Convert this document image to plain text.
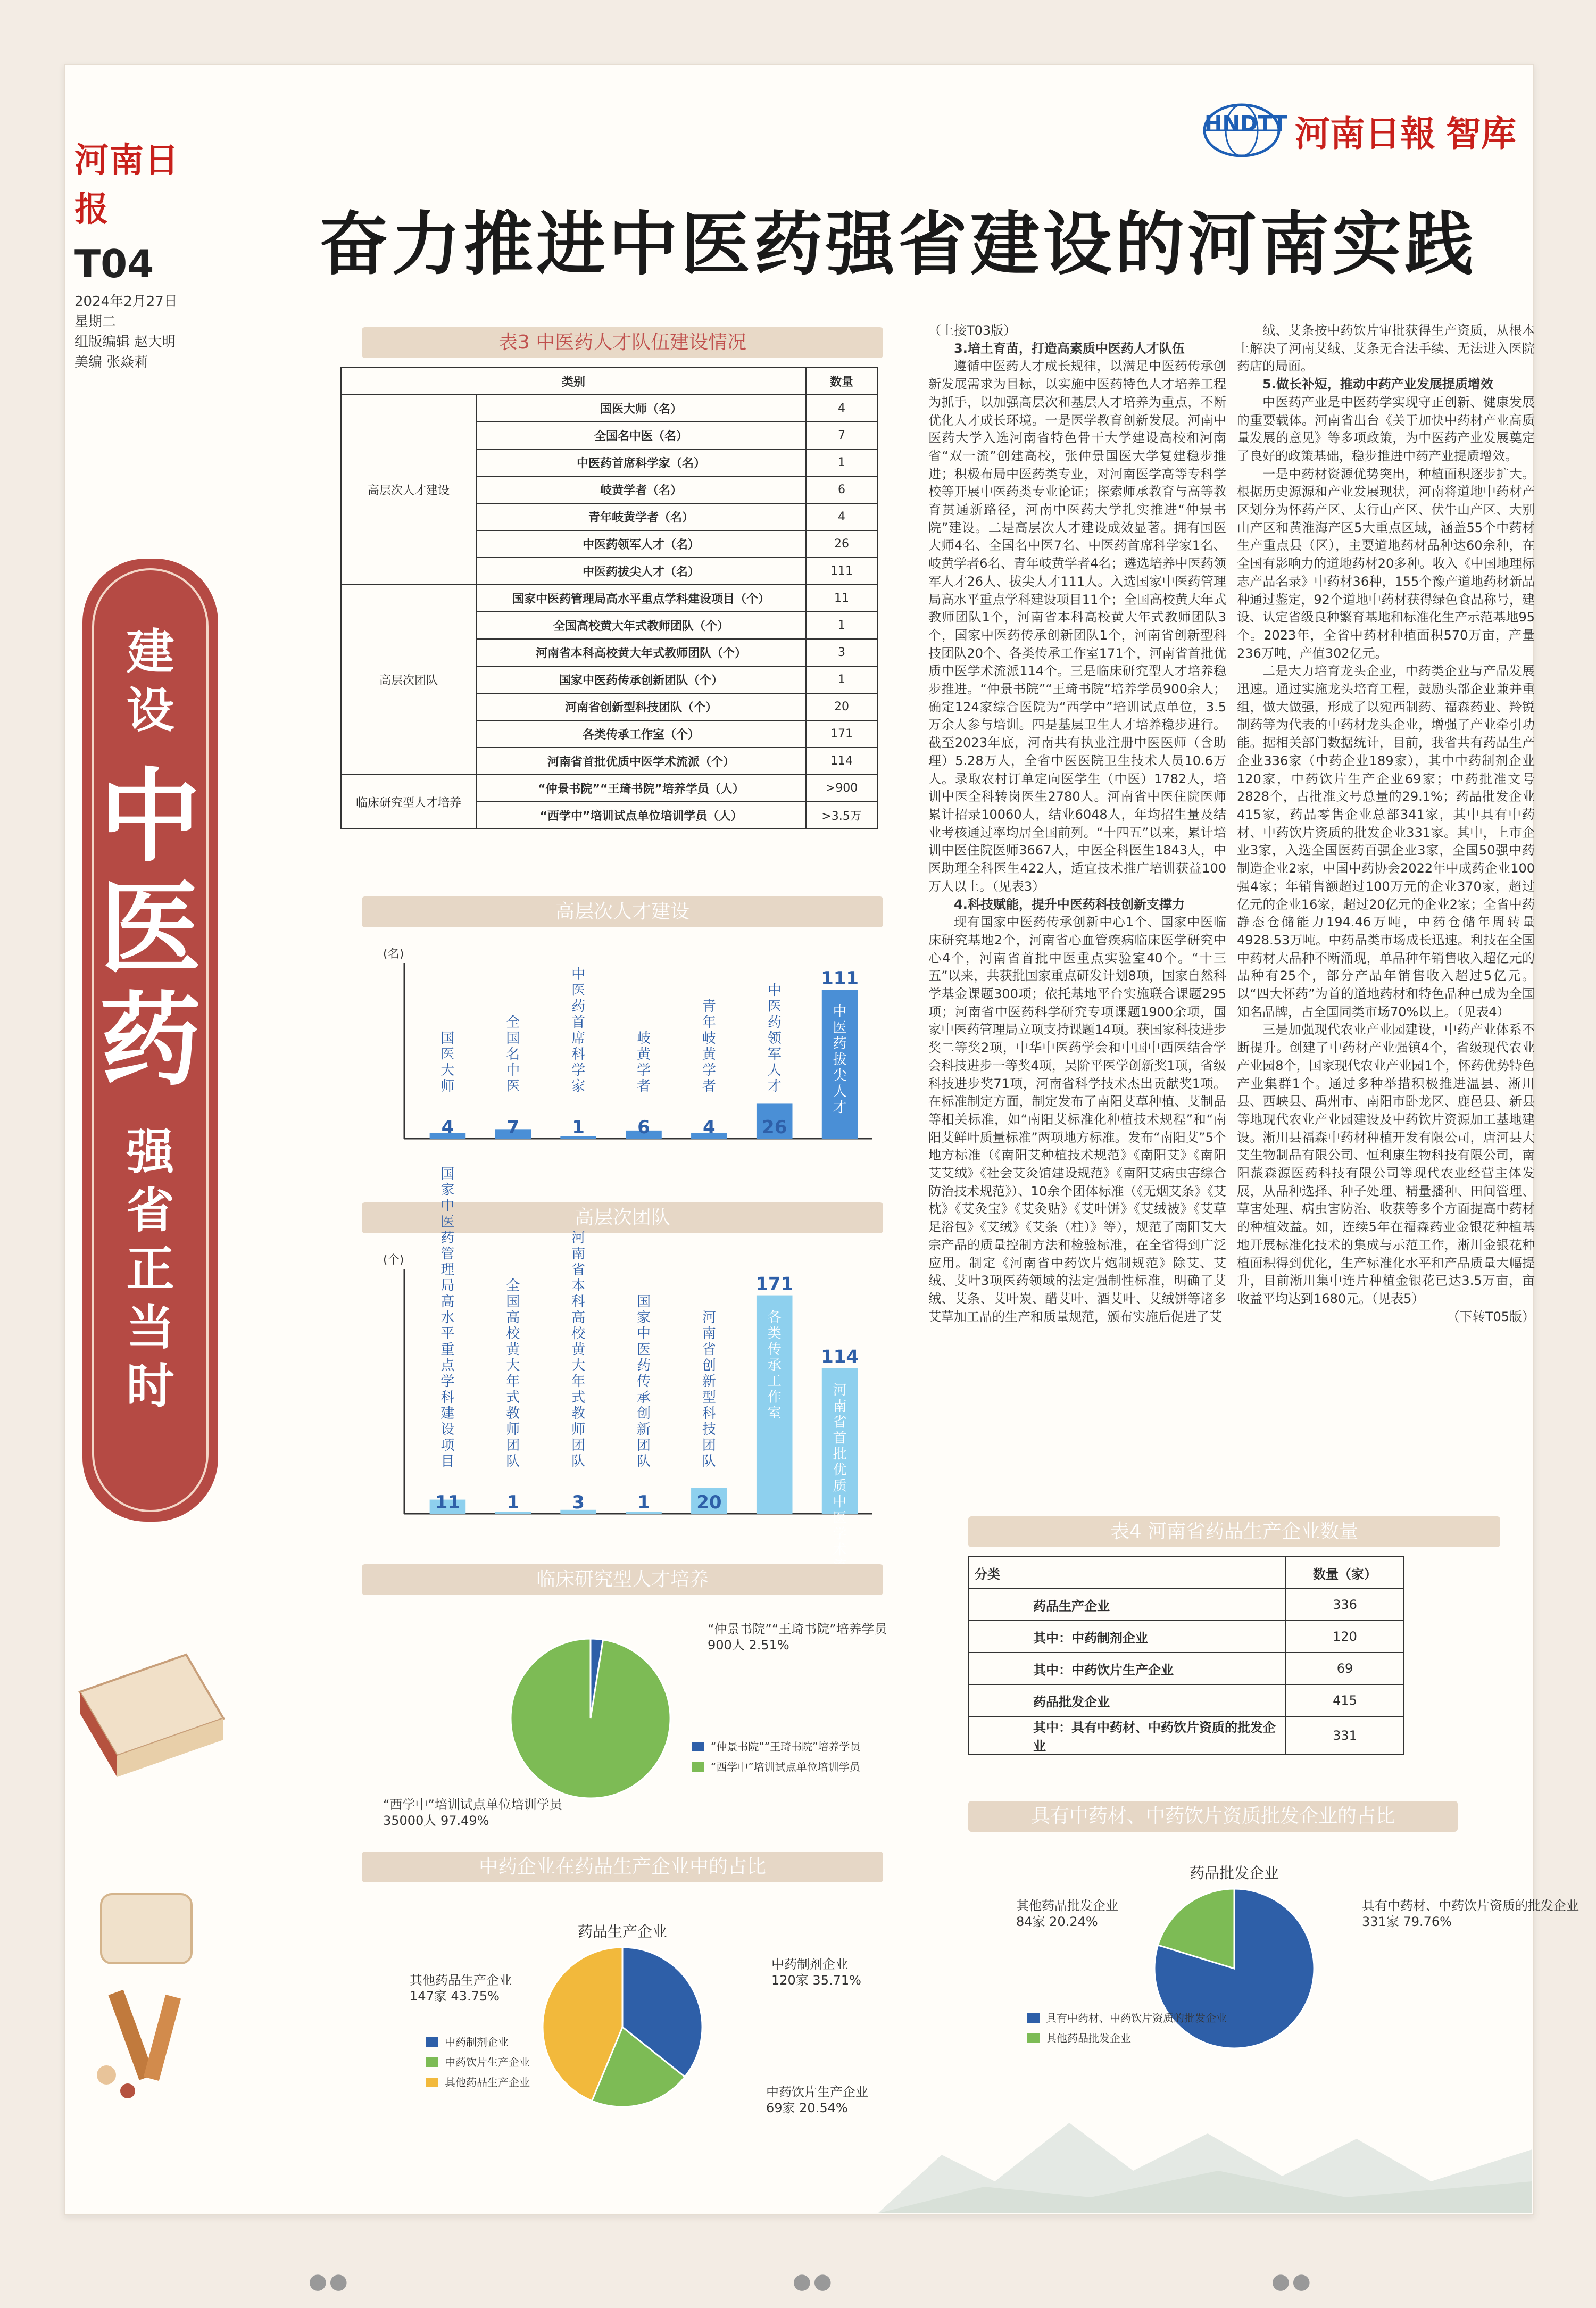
河南日报
T04
2024年2月27日
星期二
组版编辑 赵大明
美编 张焱莉
HNDTT 河南日報 智库
奋力推进中医药强省建设的河南实践
建
设
中
医
药
强
省
正
当
时
表3 中医药人才队伍建设情况
类别		数量
高层次人才建设	国医大师（名）	4
	全国名中医（名）	7
	中医药首席科学家（名）	1
	岐黄学者（名）	6
	青年岐黄学者（名）	4
	中医药领军人才（名）	26
	中医药拔尖人才（名）	111
高层次团队	国家中医药管理局高水平重点学科建设项目（个）	11
	全国高校黄大年式教师团队（个）	1
	河南省本科高校黄大年式教师团队（个）	3
	国家中医药传承创新团队（个）	1
	河南省创新型科技团队（个）	20
	各类传承工作室（个）	171
	河南省首批优质中医学术流派（个）	114
临床研究型人才培养	“仲景书院”“王琦书院”培养学员（人）	>900
	“西学中”培训试点单位培训学员（人）	>3.5万
高层次人才建设
(名)
4
国医大师
7
全国名中医
1
中医药首席科学家
6
岐黄学者
4
青年岐黄学者
26
中医药领军人才
111
中医药拔尖人才
高层次团队
(个)
11
国家中医药管理局高水平重点学科建设项目
1
全国高校黄大年式教师团队
3
河南省本科高校黄大年式教师团队
1
国家中医药传承创新团队
20
河南省创新型科技团队
171
各类传承工作室
114
河南省首批优质中医学术
临床研究型人才培养
“仲景书院”“王琦书院”培养学员
900人 2.51%
“西学中”培训试点单位培训学员
35000人 97.49%
“仲景书院”“王琦书院”培养学员
“西学中”培训试点单位培训学员
中药企业在药品生产企业中的占比
中药制剂企业
120家 35.71%
中药饮片生产企业
69家 20.54%
其他药品生产企业
147家 43.75%
药品生产企业
中药制剂企业
中药饮片生产企业
其他药品生产企业

（上接T03版）

3.培土育苗，打造高素质中医药人才队伍

遵循中医药人才成长规律，以满足中医药传承创新发展需求为目标，以实施中医药特色人才培养工程为抓手，以加强高层次和基层人才培养为重点，不断优化人才成长环境。一是医学教育创新发展。河南中医药大学入选河南省特色骨干大学建设高校和河南省“双一流”创建高校，张仲景国医大学复建稳步推进；积极布局中医药类专业，对河南医学高等专科学校等开展中医药类专业论证；探索师承教育与高等教育贯通新路径，河南中医药大学扎实推进“仲景书院”建设。二是高层次人才建设成效显著。拥有国医大师4名、全国名中医7名、中医药首席科学家1名、岐黄学者6名、青年岐黄学者4名；遴选培养中医药领军人才26人、拔尖人才111人。入选国家中医药管理局高水平重点学科建设项目11个；全国高校黄大年式教师团队1个，河南省本科高校黄大年式教师团队3个，国家中医药传承创新团队1个，河南省创新型科技团队20个、各类传承工作室171个，河南省首批优质中医学术流派114个。三是临床研究型人才培养稳步推进。“仲景书院”“王琦书院”培养学员900余人；确定124家综合医院为“西学中”培训试点单位，3.5万余人参与培训。四是基层卫生人才培养稳步进行。截至2023年底，河南共有执业注册中医医师（含助理）5.28万人，全省中医医院卫生技术人员10.6万人。录取农村订单定向医学生（中医）1782人，培训中医全科转岗医生2780人。河南省中医住院医师累计招录10060人，结业6048人，年均招生量及结业考核通过率均居全国前列。“十四五”以来，累计培训中医住院医师3667人，中医全科医生1843人，中医助理全科医生422人，适宜技术推广培训获益100万人以上。（见表3）

4.科技赋能，提升中医药科技创新支撑力

现有国家中医药传承创新中心1个、国家中医临床研究基地2个，河南省心血管疾病临床医学研究中心4个，河南省首批中医重点实验室40个。“十三五”以来，共获批国家重点研发计划8项，国家自然科学基金课题300项；依托基地平台实施联合课题295项；河南省中医药科学研究专项课题1900余项，国家中医药管理局立项支持课题14项。获国家科技进步奖二等奖2项，中华中医药学会和中国中西医结合学会科技进步一等奖4项，吴阶平医学创新奖1项，省级科技进步奖71项，河南省科学技术杰出贡献奖1项。在标准制定方面，制定发布了南阳艾草种植、艾制品等相关标准，如“南阳艾标准化种植技术规程”和“南阳艾鲜叶质量标准”两项地方标准。发布“南阳艾”5个地方标准（《南阳艾种植技术规范》《南阳艾》《南阳艾艾绒》《社会艾灸馆建设规范》《南阳艾病虫害综合防治技术规范》）、10余个团体标准（《无烟艾条》《艾枕》《艾灸宝》《艾灸贴》《艾叶饼》《艾绒被》《艾草足浴包》《艾绒》《艾条（柱）》等），规范了南阳艾大宗产品的质量控制方法和检验标准，在全省得到广泛应用。制定《河南省中药饮片炮制规范》除艾、艾绒、艾叶3项医药领域的法定强制性标准，明确了艾绒、艾条、艾叶炭、醋艾叶、酒艾叶、艾绒饼等诸多艾草加工品的生产和质量规范，颁布实施后促进了艾

绒、艾条按中药饮片审批获得生产资质，从根本上解决了河南艾绒、艾条无合法手续、无法进入医院药店的局面。

5.做长补短，推动中药产业发展提质增效

中医药产业是中医药学实现守正创新、健康发展的重要载体。河南省出台《关于加快中药材产业高质量发展的意见》等多项政策，为中医药产业发展奠定了良好的政策基础，稳步推进中药产业提质增效。

一是中药材资源优势突出，种植面积逐步扩大。根据历史源源和产业发展现状，河南将道地中药材产区划分为怀药产区、太行山产区、伏牛山产区、大别山产区和黄淮海产区5大重点区域，涵盖55个中药材生产重点县（区），主要道地药材品种达60余种，在全国有影响力的道地药材20多种。收入《中国地理标志产品名录》中药材36种，155个豫产道地药材新品种通过鉴定，92个道地中药材获得绿色食品称号，建设、认定省级良种繁育基地和标准化生产示范基地95个。2023年，全省中药材种植面积570万亩，产量236万吨，产值302亿元。

二是大力培育龙头企业，中药类企业与产品发展迅速。通过实施龙头培育工程，鼓励头部企业兼并重组，做大做强，形成了以宛西制药、福森药业、羚锐制药等为代表的中药材龙头企业，增强了产业牵引功能。据相关部门数据统计，目前，我省共有药品生产企业336家（中药企业189家），其中中药制剂企业120家，中药饮片生产企业69家；中药批准文号2828个，占批准文号总量的29.1%；药品批发企业415家，药品零售企业总部341家，其中具有中药材、中药饮片资质的批发企业331家。其中，上市企业3家，入选全国医药百强企业3家，全国50强中药制造企业2家，中国中药协会2022年中成药企业100强4家；年销售额超过100万元的企业370家，超过亿元的企业16家，超过20亿元的企业2家；全省中药静态仓储能力194.46万吨，中药仓储年周转量4928.53万吨。中药品类市场成长迅速。利技在全国中药材大品种不断涌现，单品种年销售收入超亿元的品种有25个，部分产品年销售收入超过5亿元。以“四大怀药”为首的道地药材和特色品种已成为全国知名品牌，占全国同类市场70%以上。（见表4）

三是加强现代农业产业园建设，中药产业体系不断提升。创建了中药材产业强镇4个，省级现代农业产业园8个，国家现代农业产业园1个，怀药优势特色产业集群1个。通过多种举措积极推进温县、淅川县、西峡县、禹州市、南阳市卧龙区、鹿邑县、新县等地现代农业产业园建设及中药饮片资源加工基地建设。淅川县福森中药材种植开发有限公司，唐河县大艾生物制品有限公司、恒利康生物科技有限公司，南阳蒎森源医药科技有限公司等现代农业经营主体发展，从品种选择、种子处理、精量播种、田间管理、草害处理、病虫害防治、收获等多个方面提高中药材的种植效益。如，连续5年在福森药业金银花种植基地开展标准化技术的集成与示范工作，淅川金银花种植面积得到优化，生产标准化水平和产品质量大幅提升，目前淅川集中连片种植金银花已达3.5万亩，亩收益平均达到1680元。（见表5）

（下转T05版）

表4 河南省药品生产企业数量
分类	数量（家）
药品生产企业	336
其中：中药制剂企业	120
其中：中药饮片生产企业	69
药品批发企业	415
其中：具有中药材、中药饮片资质的批发企业	331
具有中药材、中药饮片资质批发企业的占比
具有中药材、中药饮片资质的批发企业
331家 79.76%
其他药品批发企业
84家 20.24%
药品批发企业
具有中药材、中药饮片资质的批发企业
其他药品批发企业
●●	●●	●●
